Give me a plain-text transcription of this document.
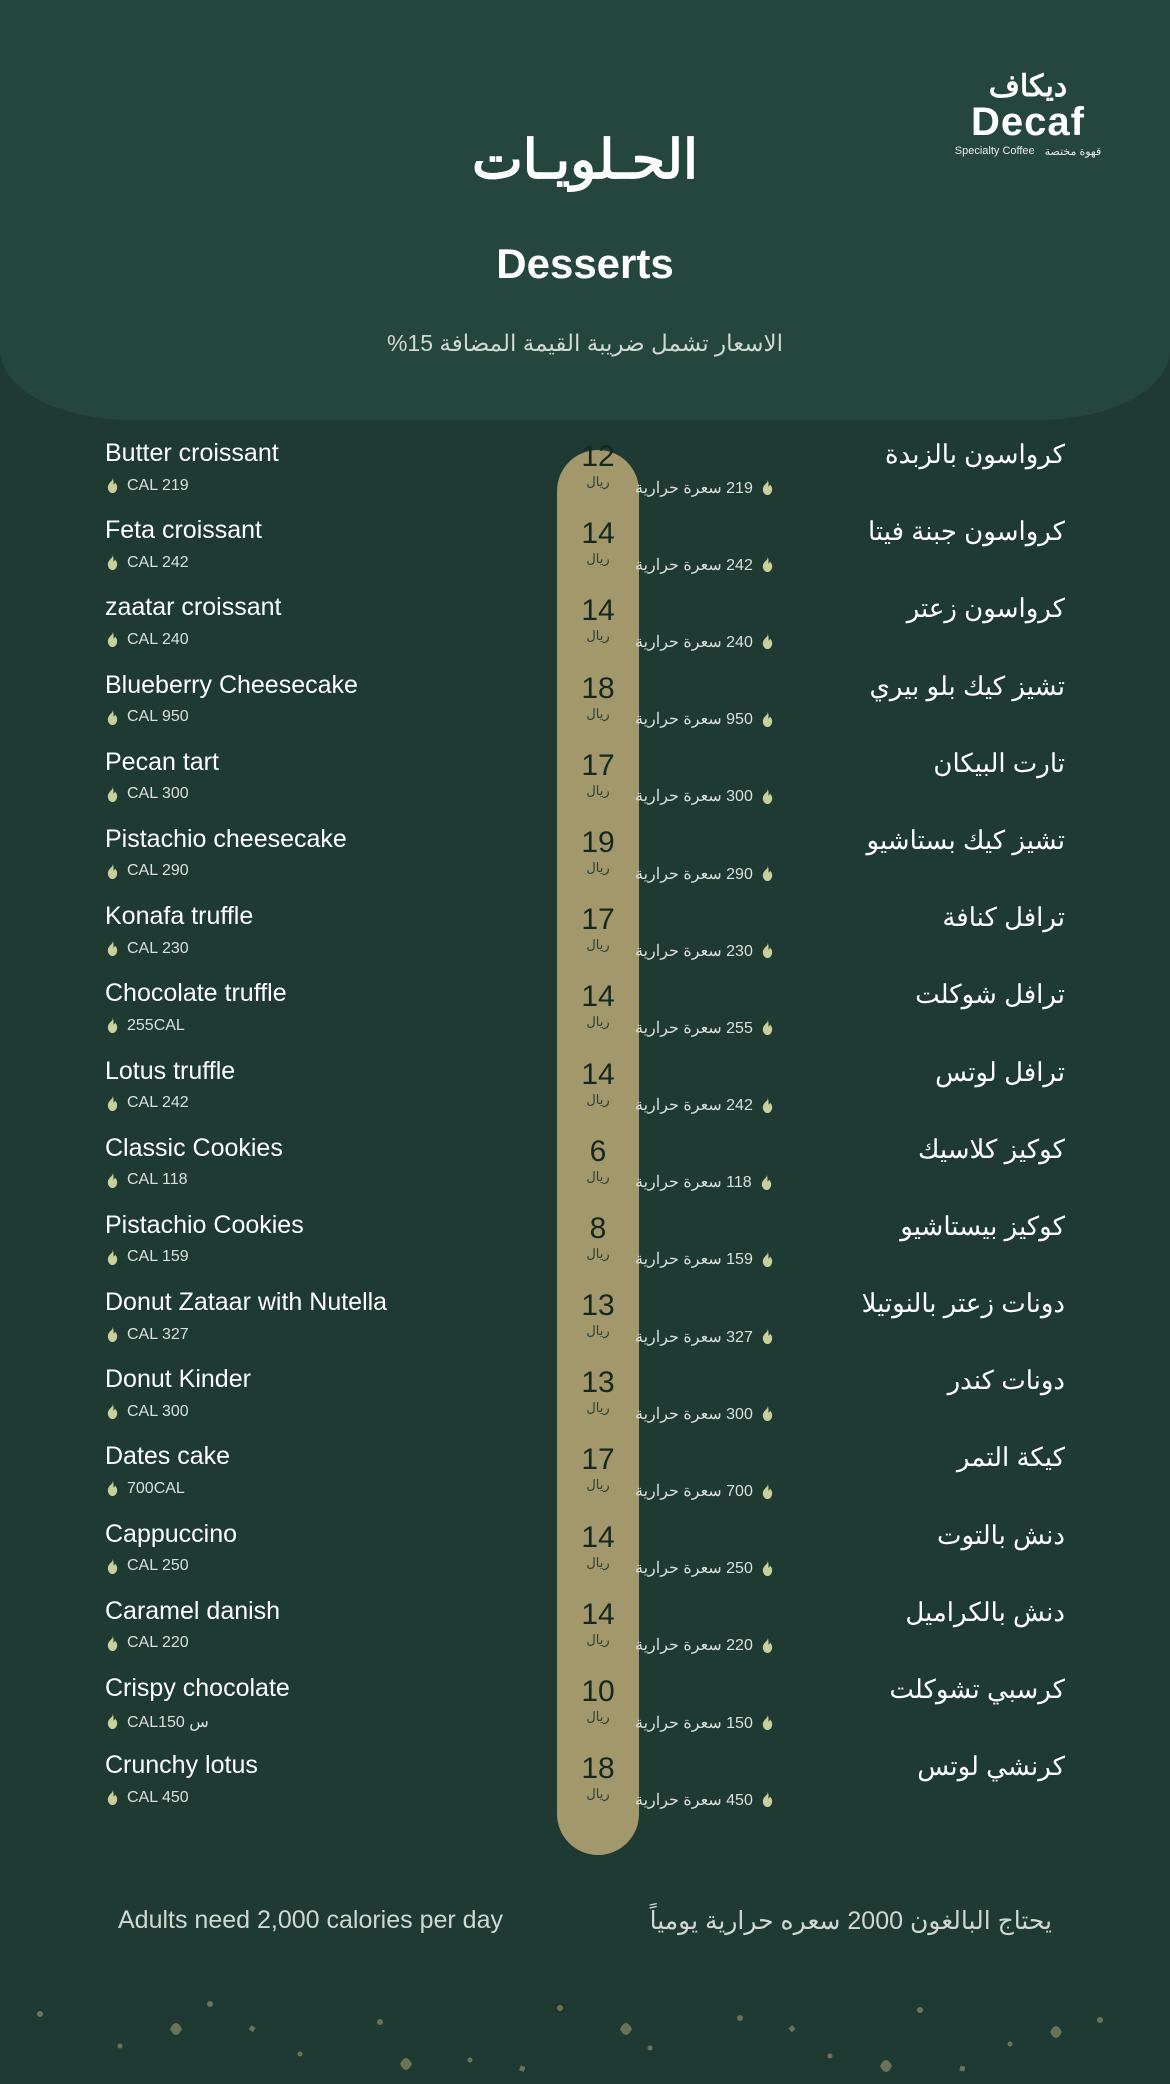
ديكاف
Decaf
Specialty Coffee قهوة مختصة
الحـلويـات
Desserts
الاسعار تشمل ضريبة القيمة المضافة 15%
Butter croissant
CAL 219
12
ريال
كرواسون بالزبدة
219 سعرة حرارية
Feta croissant
CAL 242
14
ريال
كرواسون جبنة فيتا
242 سعرة حرارية
zaatar croissant
CAL 240
14
ريال
كرواسون زعتر
240 سعرة حرارية
Blueberry Cheesecake
CAL 950
18
ريال
تشيز كيك بلو بيري
950 سعرة حرارية
Pecan tart
CAL 300
17
ريال
تارت البيكان
300 سعرة حرارية
Pistachio cheesecake
CAL 290
19
ريال
تشيز كيك بستاشيو
290 سعرة حرارية
Konafa truffle
CAL 230
17
ريال
ترافل كنافة
230 سعرة حرارية
Chocolate truffle
255CAL
14
ريال
ترافل شوكلت
255 سعرة حرارية
Lotus truffle
CAL 242
14
ريال
ترافل لوتس
242 سعرة حرارية
Classic Cookies
CAL 118
6
ريال
كوكيز كلاسيك
118 سعرة حرارية
Pistachio Cookies
CAL 159
8
ريال
كوكيز بيستاشيو
159 سعرة حرارية
Donut Zataar with Nutella
CAL 327
13
ريال
دونات زعتر بالنوتيلا
327 سعرة حرارية
Donut Kinder
CAL 300
13
ريال
دونات كندر
300 سعرة حرارية
Dates cake
700CAL
17
ريال
كيكة التمر
700 سعرة حرارية
Cappuccino
CAL 250
14
ريال
دنش بالتوت
250 سعرة حرارية
Caramel danish
CAL 220
14
ريال
دنش بالكراميل
220 سعرة حرارية
Crispy chocolate
CALس 150
10
ريال
كرسبي تشوكلت
150 سعرة حرارية
Crunchy lotus
CAL 450
18
ريال
كرنشي لوتس
450 سعرة حرارية
Adults need 2,000 calories per day	يحتاج البالغون 2000 سعره حرارية يومياً
